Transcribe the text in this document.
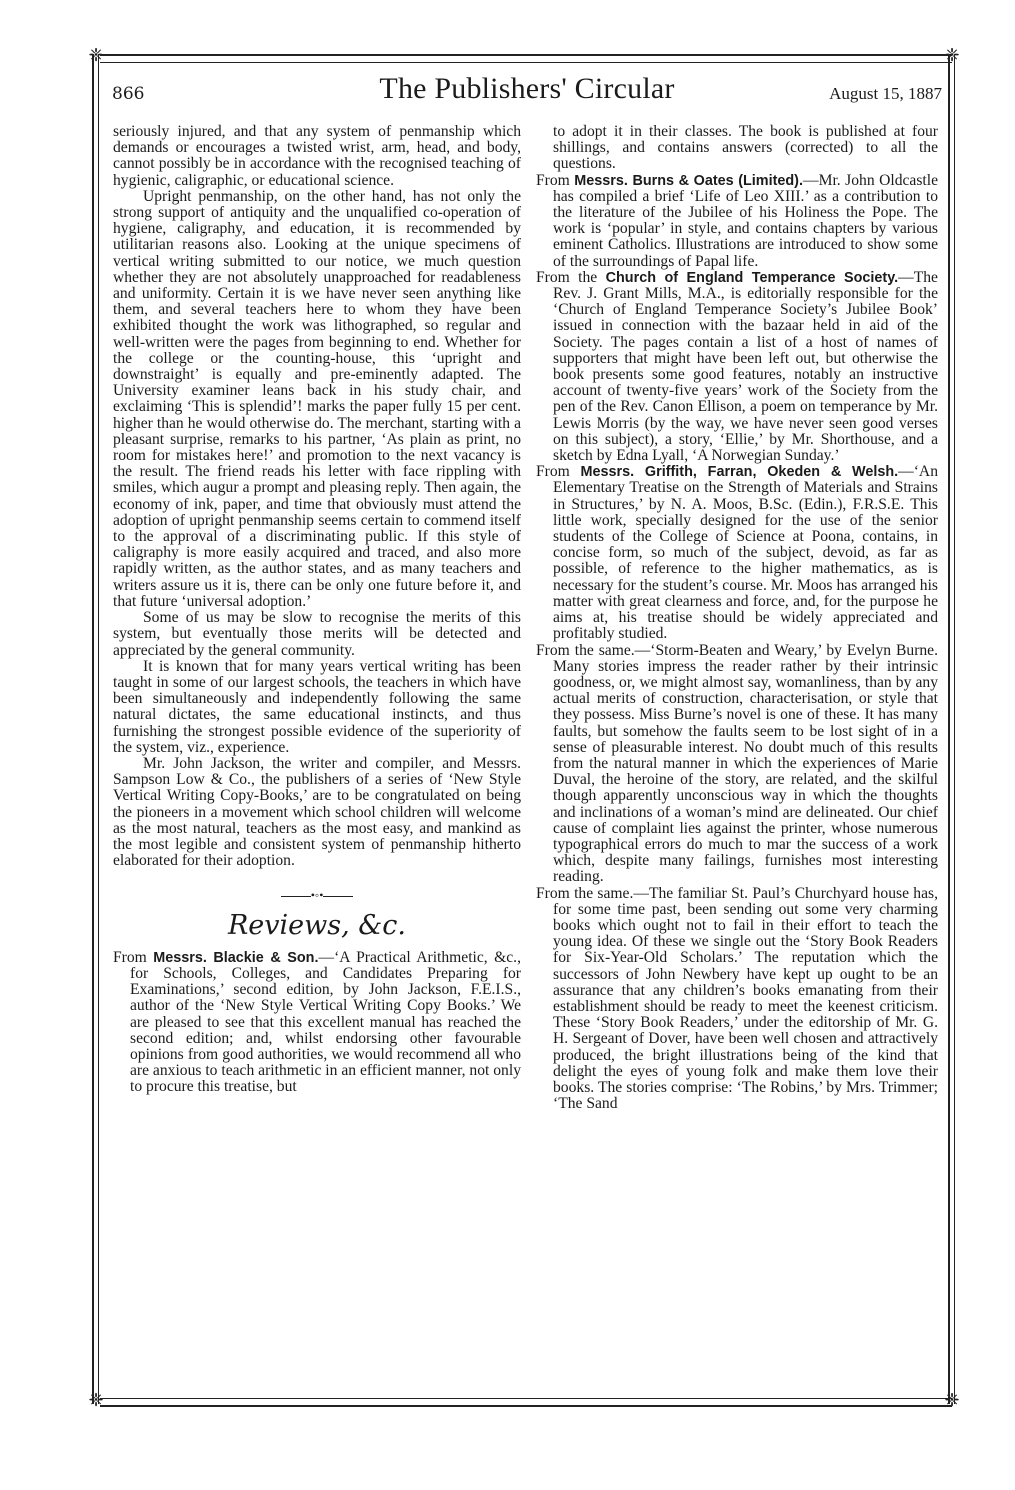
❈	❈
❈	❈
866	The Publishers' Circular	August 15, 1887

seriously injured, and that any system of penmanship which demands or encourages a twisted wrist, arm, head, and body, cannot possibly be in accordance with the recognised teaching of hygienic, caligraphic, or educational science.

Upright penmanship, on the other hand, has not only the strong support of antiquity and the unqualified co-operation of hygiene, caligraphy, and education, it is recommended by utilitarian reasons also. Looking at the unique specimens of vertical writing submitted to our notice, we much question whether they are not absolutely unapproached for readableness and uniformity. Certain it is we have never seen anything like them, and several teachers here to whom they have been exhibited thought the work was lithographed, so regular and well-written were the pages from beginning to end. Whether for the college or the counting-house, this ‘upright and downstraight’ is equally and pre-eminently adapted. The University examiner leans back in his study chair, and exclaiming ‘This is splendid’! marks the paper fully 15 per cent. higher than he would otherwise do. The merchant, starting with a pleasant surprise, remarks to his partner, ‘As plain as print, no room for mistakes here!’ and promotion to the next vacancy is the result. The friend reads his letter with face rippling with smiles, which augur a prompt and pleasing reply. Then again, the economy of ink, paper, and time that obviously must attend the adoption of upright penmanship seems certain to commend itself to the approval of a discriminating public. If this style of caligraphy is more easily acquired and traced, and also more rapidly written, as the author states, and as many teachers and writers assure us it is, there can be only one future before it, and that future ‘universal adoption.’

Some of us may be slow to recognise the merits of this system, but eventually those merits will be detected and appreciated by the general community.

It is known that for many years vertical writing has been taught in some of our largest schools, the teachers in which have been simultaneously and independently following the same natural dictates, the same educational instincts, and thus furnishing the strongest possible evidence of the superiority of the system, viz., experience.

Mr. John Jackson, the writer and compiler, and Messrs. Sampson Low & Co., the publishers of a series of ‘New Style Vertical Writing Copy-Books,’ are to be congratulated on being the pioneers in a movement which school children will welcome as the most natural, teachers as the most easy, and mankind as the most legible and consistent system of penmanship hitherto elaborated for their adoption.

•◦•
Reviews, &c.

From Messrs. Blackie & Son.—‘A Practical Arithmetic, &c., for Schools, Colleges, and Candidates Preparing for Examinations,’ second edition, by John Jackson, F.E.I.S., author of the ‘New Style Vertical Writing Copy Books.’ We are pleased to see that this excellent manual has reached the second edition; and, whilst endorsing other favourable opinions from good authorities, we would recommend all who are anxious to teach arithmetic in an efficient manner, not only to procure this treatise, but

to adopt it in their classes. The book is published at four shillings, and contains answers (corrected) to all the questions.

From Messrs. Burns & Oates (Limited).—Mr. John Oldcastle has compiled a brief ‘Life of Leo XIII.’ as a contribution to the literature of the Jubilee of his Holiness the Pope. The work is ‘popular’ in style, and contains chapters by various eminent Catholics. Illustrations are introduced to show some of the surroundings of Papal life.

From the Church of England Temperance Society.—The Rev. J. Grant Mills, M.A., is editorially responsible for the ‘Church of England Temperance Society’s Jubilee Book’ issued in connection with the bazaar held in aid of the Society. The pages contain a list of a host of names of supporters that might have been left out, but otherwise the book presents some good features, notably an instructive account of twenty-five years’ work of the Society from the pen of the Rev. Canon Ellison, a poem on temperance by Mr. Lewis Morris (by the way, we have never seen good verses on this subject), a story, ‘Ellie,’ by Mr. Shorthouse, and a sketch by Edna Lyall, ‘A Norwegian Sunday.’

From Messrs. Griffith, Farran, Okeden & Welsh.—‘An Elementary Treatise on the Strength of Materials and Strains in Structures,’ by N. A. Moos, B.Sc. (Edin.), F.R.S.E. This little work, specially designed for the use of the senior students of the College of Science at Poona, contains, in concise form, so much of the subject, devoid, as far as possible, of reference to the higher mathematics, as is necessary for the student’s course. Mr. Moos has arranged his matter with great clearness and force, and, for the purpose he aims at, his treatise should be widely appreciated and profitably studied.

From the same.—‘Storm-Beaten and Weary,’ by Evelyn Burne. Many stories impress the reader rather by their intrinsic goodness, or, we might almost say, womanliness, than by any actual merits of construction, characterisation, or style that they possess. Miss Burne’s novel is one of these. It has many faults, but somehow the faults seem to be lost sight of in a sense of pleasurable interest. No doubt much of this results from the natural manner in which the experiences of Marie Duval, the heroine of the story, are related, and the skilful though apparently unconscious way in which the thoughts and inclinations of a woman’s mind are delineated. Our chief cause of complaint lies against the printer, whose numerous typographical errors do much to mar the success of a work which, despite many failings, furnishes most interesting reading.

From the same.—The familiar St. Paul’s Churchyard house has, for some time past, been sending out some very charming books which ought not to fail in their effort to teach the young idea. Of these we single out the ‘Story Book Readers for Six-Year-Old Scholars.’ The reputation which the successors of John Newbery have kept up ought to be an assurance that any children’s books emanating from their establishment should be ready to meet the keenest criticism. These ‘Story Book Readers,’ under the editorship of Mr. G. H. Sergeant of Dover, have been well chosen and attractively produced, the bright illustrations being of the kind that delight the eyes of young folk and make them love their books. The stories comprise: ‘The Robins,’ by Mrs. Trimmer; ‘The Sand
